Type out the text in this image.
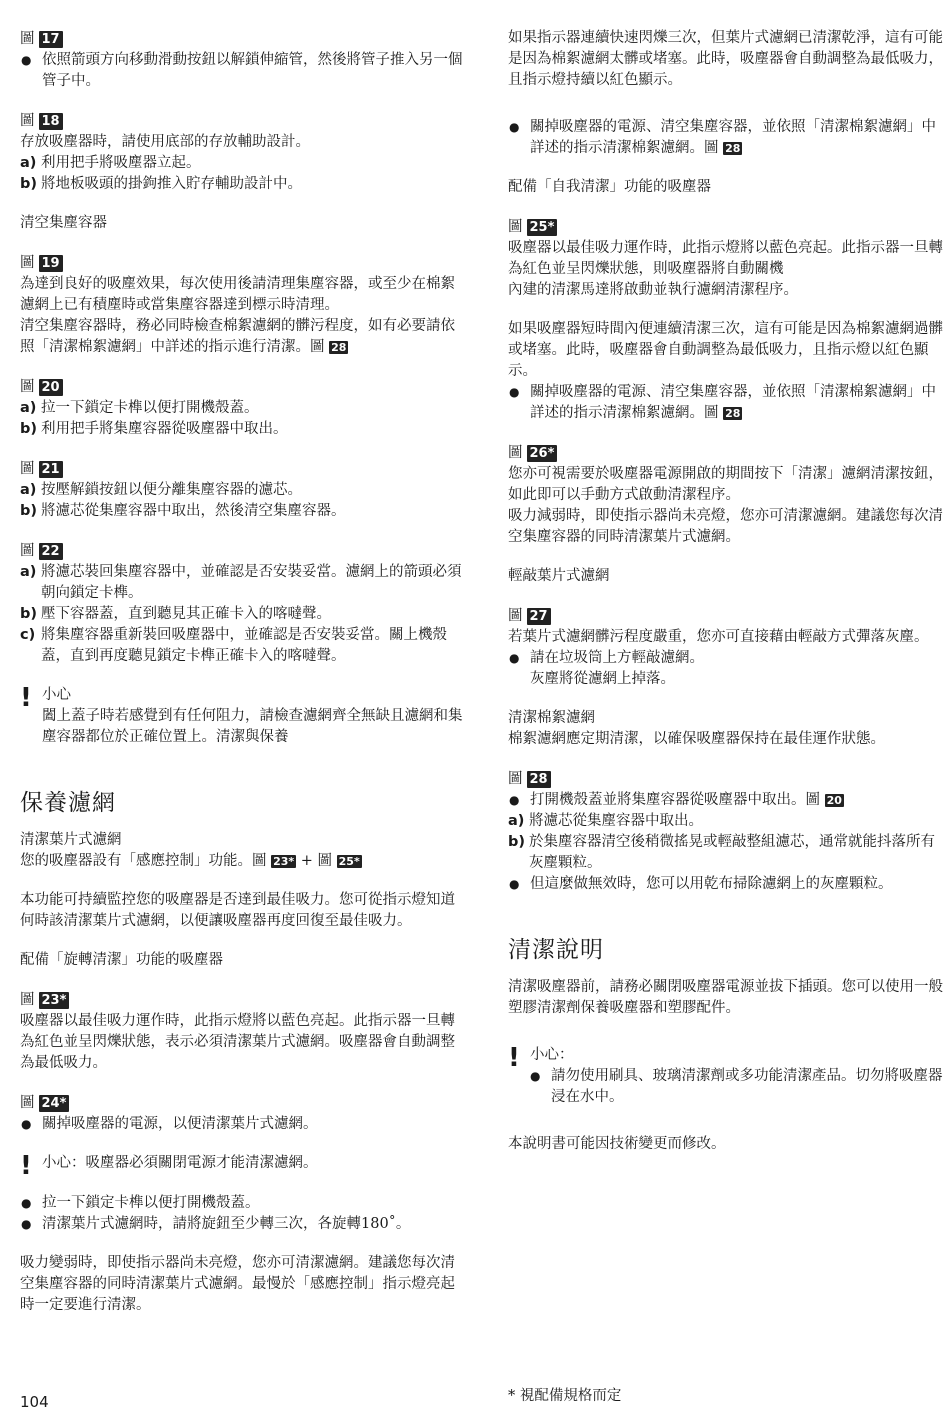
圖 17
● 依照箭頭方向移動滑動按鈕以解鎖伸縮管，然後將管子推入另一個管子中。
圖 18

存放吸塵器時，請使用底部的存放輔助設計。

a) 利用把手將吸塵器立起。
b) 將地板吸頭的掛鉤推入貯存輔助設計中。

清空集塵容器

圖 19

為達到良好的吸塵效果，每次使用後請清理集塵容器，或至少在棉絮濾網上已有積塵時或當集塵容器達到標示時清理。

清空集塵容器時，務必同時檢查棉絮濾網的髒污程度，如有必要請依照「清潔棉絮濾網」中詳述的指示進行清潔。圖 28

圖 20
a) 拉一下鎖定卡榫以便打開機殼蓋。
b) 利用把手將集塵容器從吸塵器中取出。
圖 21
a) 按壓解鎖按鈕以便分離集塵容器的濾芯。
b) 將濾芯從集塵容器中取出，然後清空集塵容器。
圖 22
a) 將濾芯裝回集塵容器中，並確認是否安裝妥當。濾網上的箭頭必須朝向鎖定卡榫。
b) 壓下容器蓋，直到聽見其正確卡入的喀噠聲。
c) 將集塵容器重新裝回吸塵器中，並確認是否安裝妥當。關上機殼蓋，直到再度聽見鎖定卡榫正確卡入的喀噠聲。
! 小心

闔上蓋子時若感覺到有任何阻力，請檢查濾網齊全無缺且濾網和集塵容器都位於正確位置上。清潔與保養

保養濾網

清潔葉片式濾網

您的吸塵器設有「感應控制」功能。圖 23* + 圖 25*

本功能可持續監控您的吸塵器是否達到最佳吸力。您可從指示燈知道何時該清潔葉片式濾網，以便讓吸塵器再度回復至最佳吸力。

配備「旋轉清潔」功能的吸塵器

圖 23*

吸塵器以最佳吸力運作時，此指示燈將以藍色亮起。此指示器一旦轉為紅色並呈閃爍狀態，表示必須清潔葉片式濾網。吸塵器會自動調整為最低吸力。

圖 24*
● 關掉吸塵器的電源，以便清潔葉片式濾網。
! 小心：吸塵器必須關閉電源才能清潔濾網。

● 拉一下鎖定卡榫以便打開機殼蓋。
● 清潔葉片式濾網時，請將旋鈕至少轉三次，各旋轉180˚。

吸力變弱時，即使指示器尚未亮燈，您亦可清潔濾網。建議您每次清空集塵容器的同時清潔葉片式濾網。最慢於「感應控制」指示燈亮起時一定要進行清潔。

如果指示器連續快速閃爍三次，但葉片式濾網已清潔乾淨，這有可能是因為棉絮濾網太髒或堵塞。此時，吸塵器會自動調整為最低吸力，且指示燈持續以紅色顯示。

● 關掉吸塵器的電源、清空集塵容器，並依照「清潔棉絮濾網」中詳述的指示清潔棉絮濾網。圖 28

配備「自我清潔」功能的吸塵器

圖 25*

吸塵器以最佳吸力運作時，此指示燈將以藍色亮起。此指示器一旦轉為紅色並呈閃爍狀態，則吸塵器將自動關機

內建的清潔馬達將啟動並執行濾網清潔程序。

如果吸塵器短時間內便連續清潔三次，這有可能是因為棉絮濾網過髒或堵塞。此時，吸塵器會自動調整為最低吸力，且指示燈以紅色顯示。

● 關掉吸塵器的電源、清空集塵容器，並依照「清潔棉絮濾網」中詳述的指示清潔棉絮濾網。圖 28
圖 26*

您亦可視需要於吸塵器電源開啟的期間按下「清潔」濾網清潔按鈕，如此即可以手動方式啟動清潔程序。

吸力減弱時，即使指示器尚未亮燈，您亦可清潔濾網。建議您每次清空集塵容器的同時清潔葉片式濾網。

輕敲葉片式濾網

圖 27

若葉片式濾網髒污程度嚴重，您亦可直接藉由輕敲方式彈落灰塵。

● 請在垃圾筒上方輕敲濾網。
灰塵將從濾網上掉落。

清潔棉絮濾網

棉絮濾網應定期清潔，以確保吸塵器保持在最佳運作狀態。

圖 28
● 打開機殼蓋並將集塵容器從吸塵器中取出。圖 20
a) 將濾芯從集塵容器中取出。
b) 於集塵容器清空後稍微搖晃或輕敲整組濾芯，通常就能抖落所有灰塵顆粒。
● 但這麼做無效時，您可以用乾布掃除濾網上的灰塵顆粒。
清潔說明

清潔吸塵器前，請務必關閉吸塵器電源並拔下插頭。您可以使用一般塑膠清潔劑保養吸塵器和塑膠配件。

! 小心：

● 請勿使用刷具、玻璃清潔劑或多功能清潔產品。切勿將吸塵器浸在水中。

本說明書可能因技術變更而修改。

104	* 視配備規格而定
